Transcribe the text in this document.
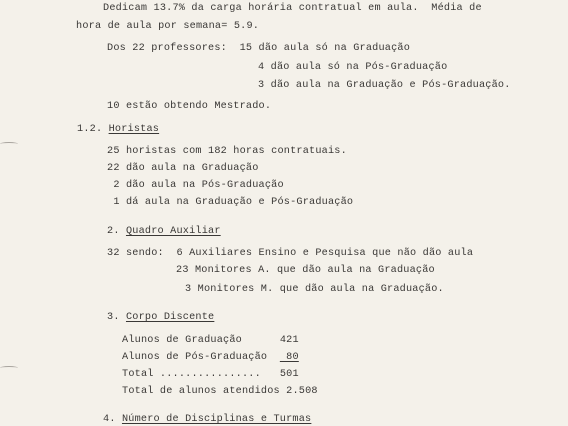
Dedicam 13.7% da carga horária contratual em aula.  Média de
hora de aula por semana= 5.9.
Dos 22 professores:  15 dão aula só na Graduação
4 dão aula só na Pós-Graduação
3 dão aula na Graduação e Pós-Graduação.
10 estão obtendo Mestrado.
1.2. Horistas
25 horistas com 182 horas contratuais.
22 dão aula na Graduação
2 dão aula na Pós-Graduação
1 dá aula na Graduação e Pós-Graduação
2. Quadro Auxiliar
32 sendo:  6 Auxiliares Ensino e Pesquisa que não dão aula
23 Monitores A. que dão aula na Graduação
3 Monitores M. que dão aula na Graduação.
3. Corpo Discente
Alunos de Graduação      421
Alunos de Pós-Graduação   80
Total ................   501
Total de alunos atendidos 2.508
4. Número de Disciplinas e Turmas
